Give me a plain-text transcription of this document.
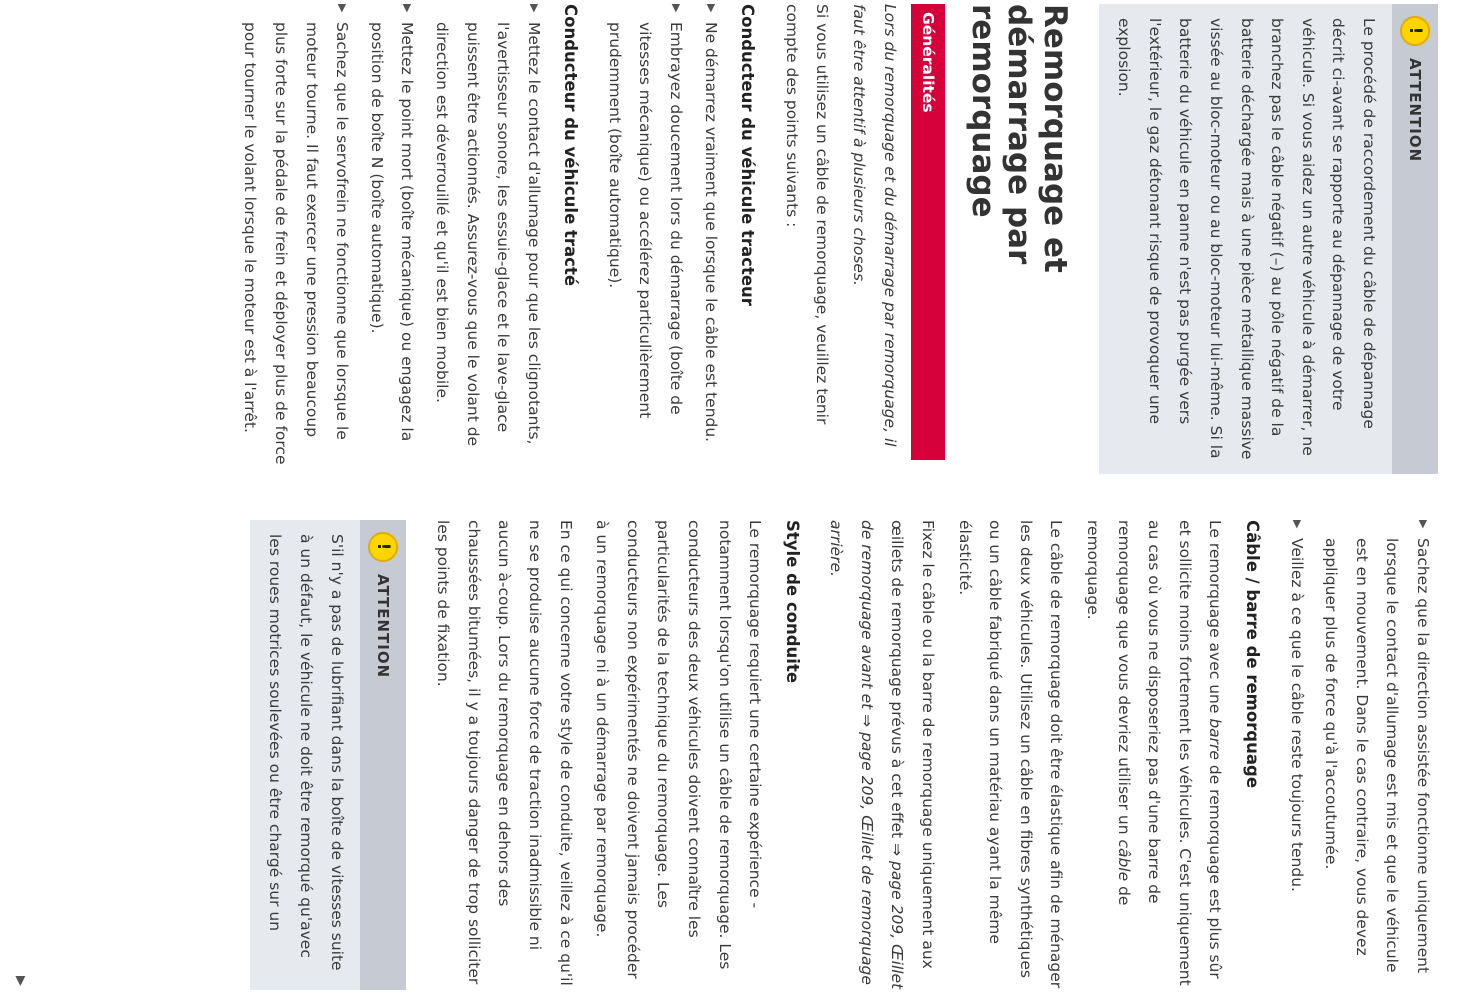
!
ATTENTION
Le procédé de raccordement du câble de dépannage décrit ci-avant se rapporte au dépannage de votre véhicule. Si vous aidez un autre véhicule à démarrer, ne branchez pas le câble négatif (–) au pôle négatif de la batterie déchargée mais à une pièce métallique massive vissée au bloc-moteur ou au bloc-moteur lui-même. Si la batterie du véhicule en panne n'est pas purgée vers l'extérieur, le gaz détonant risque de provoquer une explosion.
Remorquage et démarrage par remorquage
Généralités

Lors du remorquage et du démarrage par remorquage, il faut être attentif à plusieurs choses.

Si vous utilisez un câble de remorquage, veuillez tenir compte des points suivants :

Conducteur du véhicule tracteur
▶
Ne démarrez vraiment que lorsque le câble est tendu.
▶
Embrayez doucement lors du démarrage (boîte de vitesses mécanique) ou accélérez particulièrement prudemment (boîte automatique).
Conducteur du véhicule tracté
▶
Mettez le contact d'allumage pour que les clignotants, l'avertisseur sonore, les essuie-glace et le lave-glace puissent être actionnés. Assurez-vous que le volant de direction est déverrouillé et qu'il est bien mobile.
▶
Mettez le point mort (boîte mécanique) ou engagez la position de boîte N (boîte automatique).
▶
Sachez que le servofrein ne fonctionne que lorsque le moteur tourne. Il faut exercer une pression beaucoup plus forte sur la pédale de frein et déployer plus de force pour tourner le volant lorsque le moteur est à l'arrêt.
▶
Sachez que la direction assistée fonctionne uniquement lorsque le contact d'allumage est mis et que le véhicule est en mouvement. Dans le cas contraire, vous devez appliquer plus de force qu'à l'accoutumée.
▶
Veillez à ce que le câble reste toujours tendu.
Câble / barre de remorquage

Le remorquage avec une barre de remorquage est plus sûr et sollicite moins fortement les véhicules. C'est uniquement au cas où vous ne disposeriez pas d'une barre de remorquage que vous devriez utiliser un câble de remorquage.

Le câble de remorquage doit être élastique afin de ménager les deux véhicules. Utilisez un câble en fibres synthétiques ou un câble fabriqué dans un matériau ayant la même élasticité.

Fixez le câble ou la barre de remorquage uniquement aux œillets de remorquage prévus à cet effet ⇒ page 209, Œillet de remorquage avant et ⇒ page 209, Œillet de remorquage arrière.

Style de conduite

Le remorquage requiert une certaine expérience - notamment lorsqu'on utilise un câble de remorquage. Les conducteurs des deux véhicules doivent connaître les particularités de la technique du remorquage. Les conducteurs non expérimentés ne doivent jamais procéder à un remorquage ni à un démarrage par remorquage.

En ce qui concerne votre style de conduite, veillez à ce qu'il ne se produise aucune force de traction inadmissible ni aucun à-coup. Lors du remorquage en dehors des chaussées bitumées, il y a toujours danger de trop solliciter les points de fixation.

!
ATTENTION
S'il n'y a pas de lubrifiant dans la boîte de vitesses suite à un défaut, le véhicule ne doit être remorqué qu'avec les roues motrices soulevées ou être chargé sur un
▶
